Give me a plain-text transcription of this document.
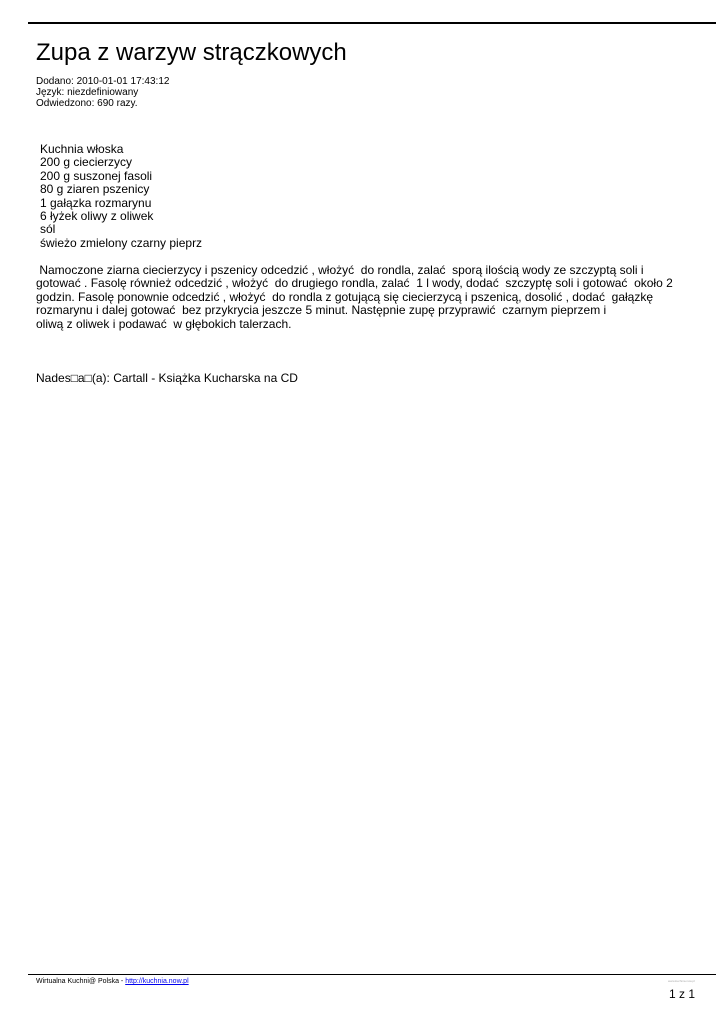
Zupa z warzyw strączkowych
Dodano: 2010-01-01 17:43:12
Język: niezdefiniowany
Odwiedzono: 690 razy.
Kuchnia włoska
200 g ciecierzycy
200 g suszonej fasoli
80 g ziaren pszenicy
1 gałązka rozmarynu
6 łyżek oliwy z oliwek
sól
świeżo zmielony czarny pieprz
Namoczone ziarna ciecierzycy i pszenicy odcedzić , włożyć  do rondla, zalać  sporą ilością wody ze szczyptą soli i
gotować . Fasolę również odcedzić , włożyć  do drugiego rondla, zalać  1 l wody, dodać  szczyptę soli i gotować  około 2
godzin. Fasolę ponownie odcedzić , włożyć  do rondla z gotującą się ciecierzycą i pszenicą, dosolić , dodać  gałązkę
rozmarynu i dalej gotować  bez przykrycia jeszcze 5 minut. Następnie zupę przyprawić  czarnym pieprzem i
oliwą z oliwek i podawać  w głębokich talerzach.
Nades□a□(a): Cartall - Książka Kucharska na CD
Wirtualna Kuchni@ Polska - http://kuchnia.now.pl	www.kuchnia.now.pl
1 z 1
